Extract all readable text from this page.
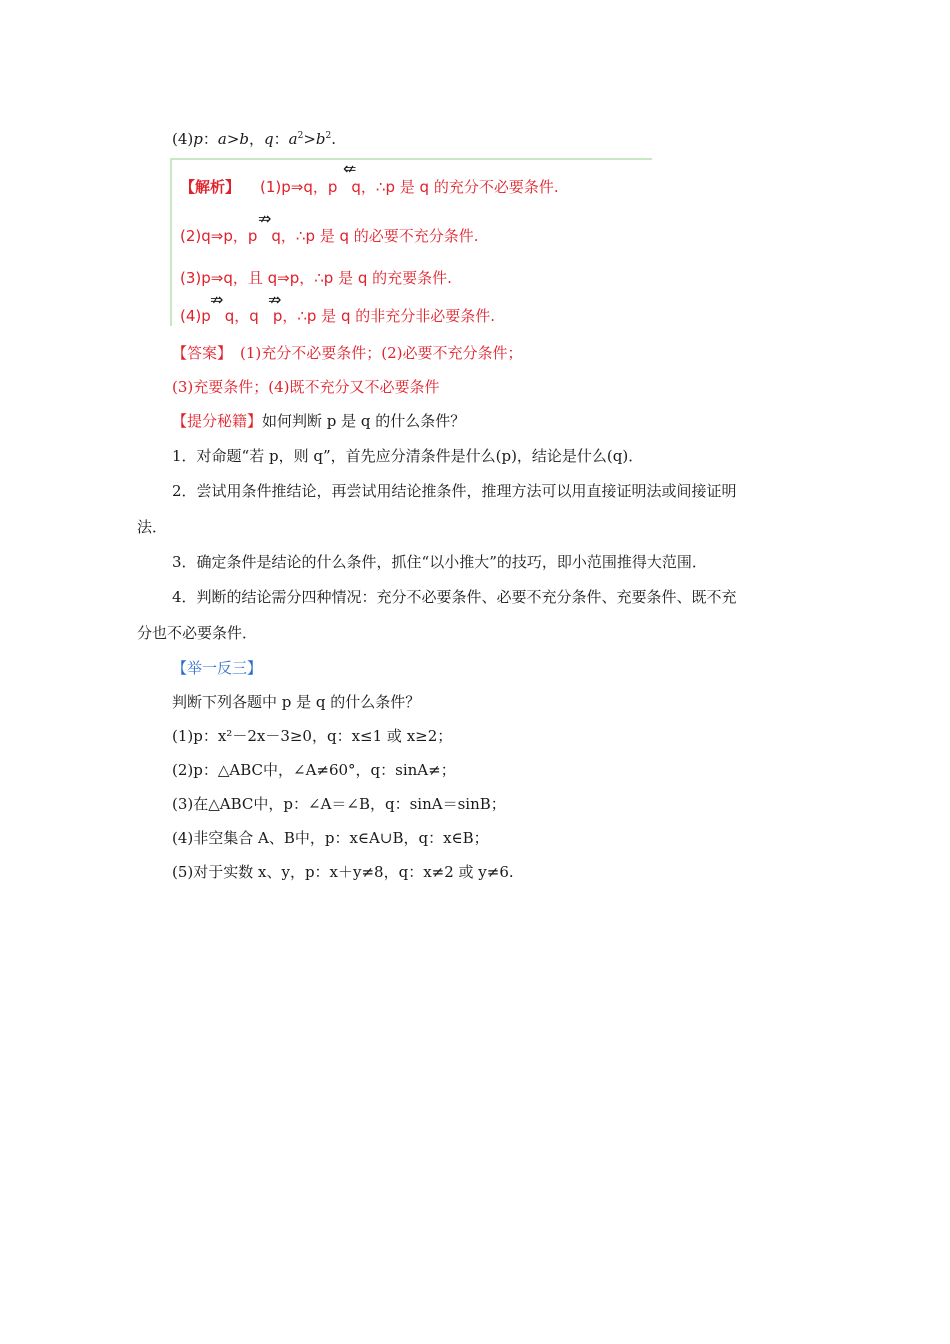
(4)p：a>b，q：$a^2>b^2$.
【解析】 (1)p⇒q，p q，∴p 是 q 的充分不必要条件.
⇍
(2)q⇒p，p q，∴p 是 q 的必要不充分条件.
⇏
(3)p⇒q，且 q⇒p，∴p 是 q 的充要条件.
(4)p q，q p，∴p 是 q 的非充分非必要条件.
⇏	⇏
【答案】 (1)充分不必要条件；(2)必要不充分条件；
(3)充要条件；(4)既不充分又不必要条件
【提分秘籍】如何判断 p 是 q 的什么条件？
1．对命题“若 p，则 q”，首先应分清条件是什么(p)，结论是什么(q)．
2．尝试用条件推结论，再尝试用结论推条件，推理方法可以用直接证明法或间接证明
法．
3．确定条件是结论的什么条件，抓住“以小推大”的技巧，即小范围推得大范围．
4．判断的结论需分四种情况：充分不必要条件、必要不充分条件、充要条件、既不充
分也不必要条件．
【举一反三】
判断下列各题中 p 是 q 的什么条件？
(1)p：x²－2x－3≥0，q：x≤1 或 x≥2；
(2)p：△ABC中，∠A≠60°，q：sinA≠；
(3)在△ABC中，p：∠A＝∠B，q：sinA＝sinB；
(4)非空集合 A、B中，p：x∈A∪B，q：x∈B；
(5)对于实数 x、y，p：x＋y≠8，q：x≠2 或 y≠6.
